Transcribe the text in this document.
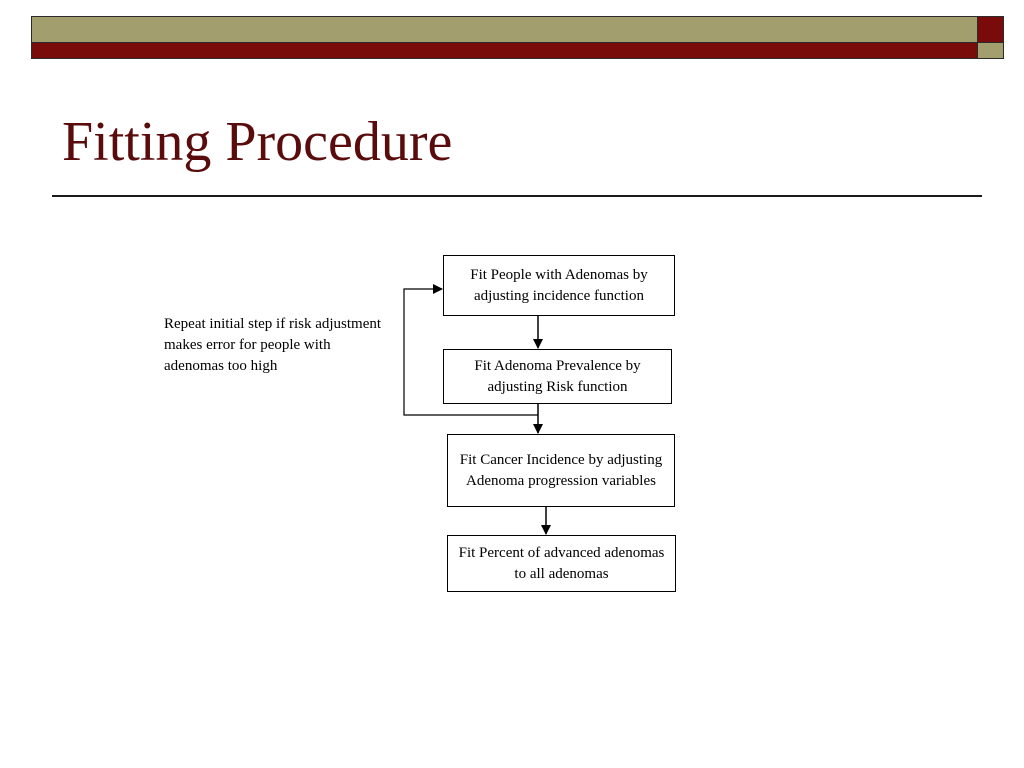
Fitting Procedure
Repeat initial step if risk adjustment makes error for people with adenomas too high
Fit People with Adenomas by adjusting incidence function
Fit Adenoma Prevalence by adjusting Risk function
Fit Cancer Incidence by adjusting Adenoma progression variables
Fit Percent of advanced adenomas to all adenomas
